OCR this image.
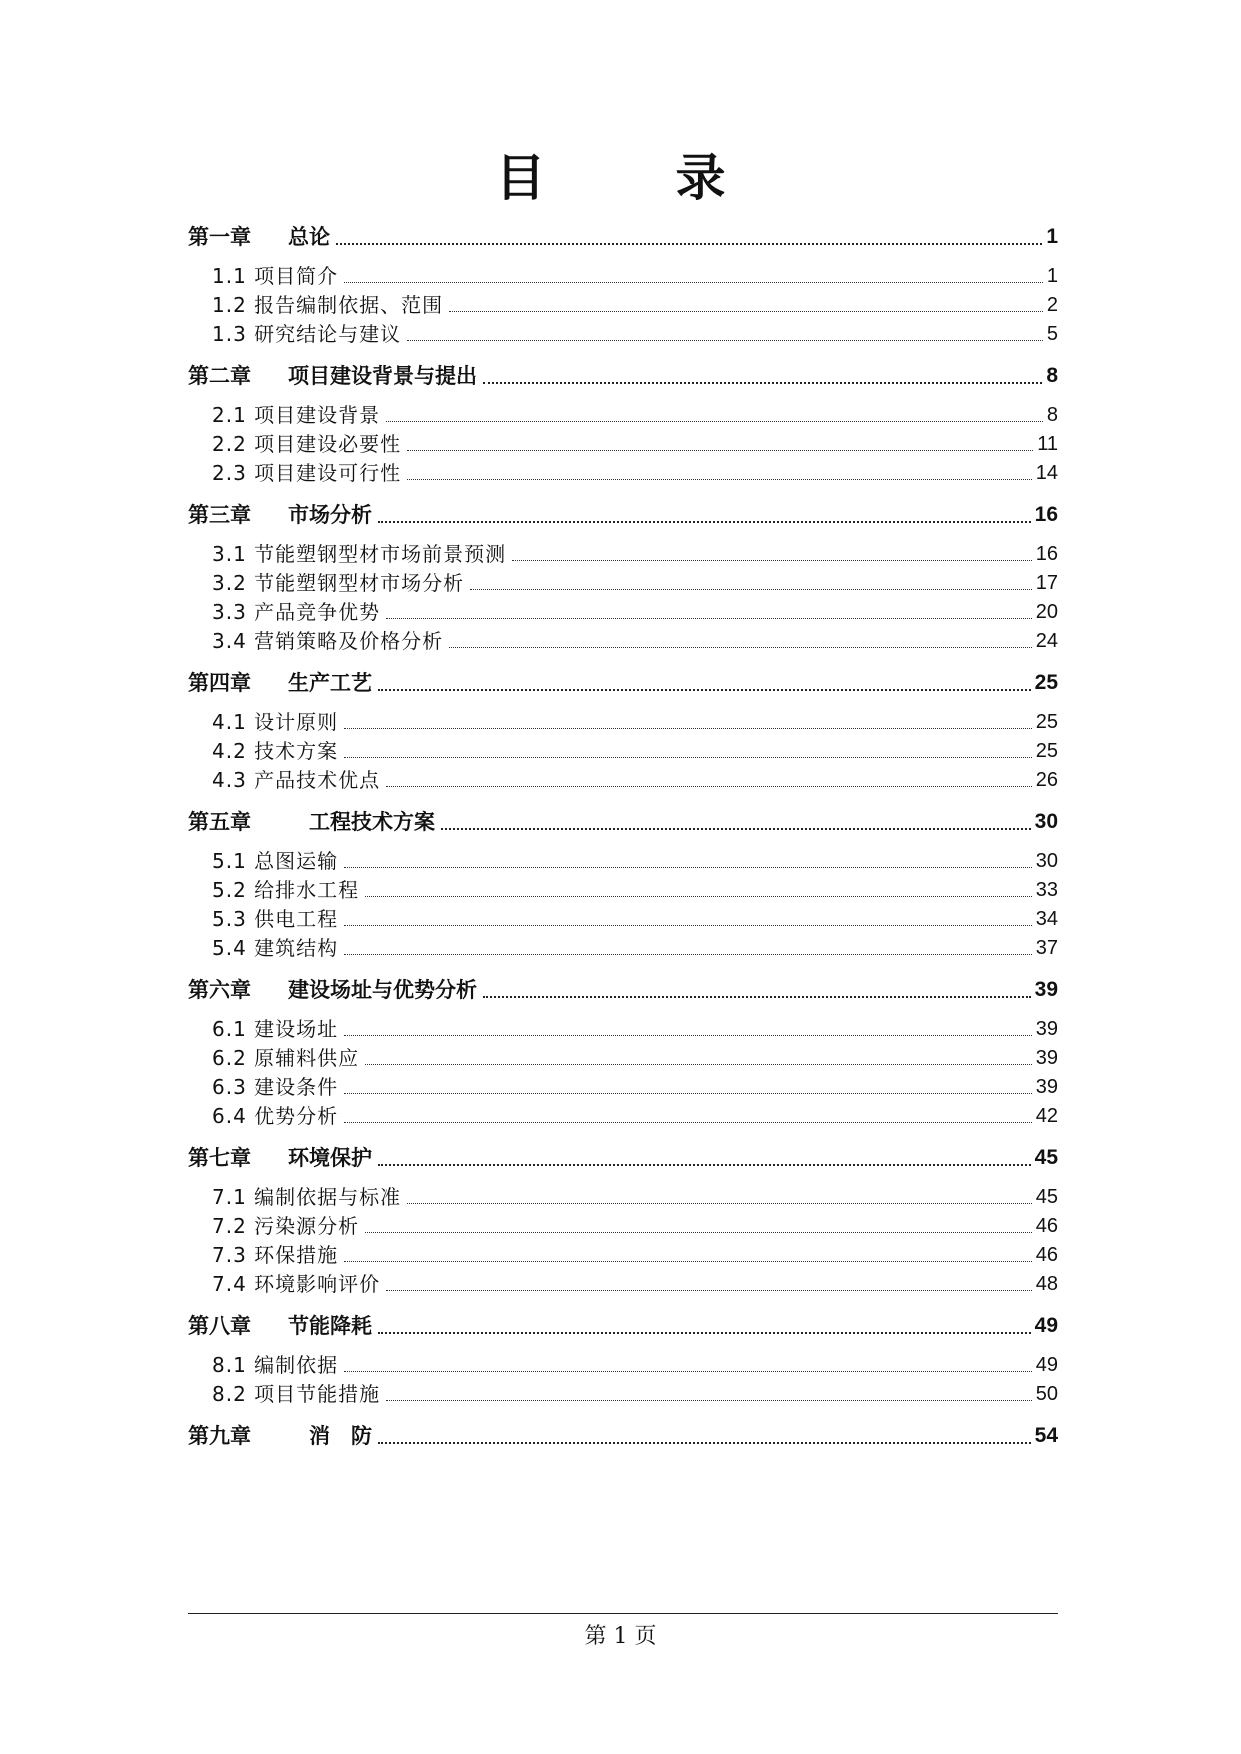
目　录
第一章	总论	1
1.1 项目简介	1
1.2 报告编制依据、范围	2
1.3 研究结论与建议	5
第二章	项目建设背景与提出	8
2.1 项目建设背景	8
2.2 项目建设必要性	11
2.3 项目建设可行性	14
第三章	市场分析	16
3.1 节能塑钢型材市场前景预测	16
3.2 节能塑钢型材市场分析	17
3.3 产品竞争优势	20
3.4 营销策略及价格分析	24
第四章	生产工艺	25
4.1 设计原则	25
4.2 技术方案	25
4.3 产品技术优点	26
第五章	　工程技术方案	30
5.1 总图运输	30
5.2 给排水工程	33
5.3 供电工程	34
5.4 建筑结构	37
第六章	建设场址与优势分析	39
6.1 建设场址	39
6.2 原辅料供应	39
6.3 建设条件	39
6.4 优势分析	42
第七章	环境保护	45
7.1 编制依据与标准	45
7.2 污染源分析	46
7.3 环保措施	46
7.4 环境影响评价	48
第八章	节能降耗	49
8.1 编制依据	49
8.2 项目节能措施	50
第九章	　消　防	54
第 1 页
